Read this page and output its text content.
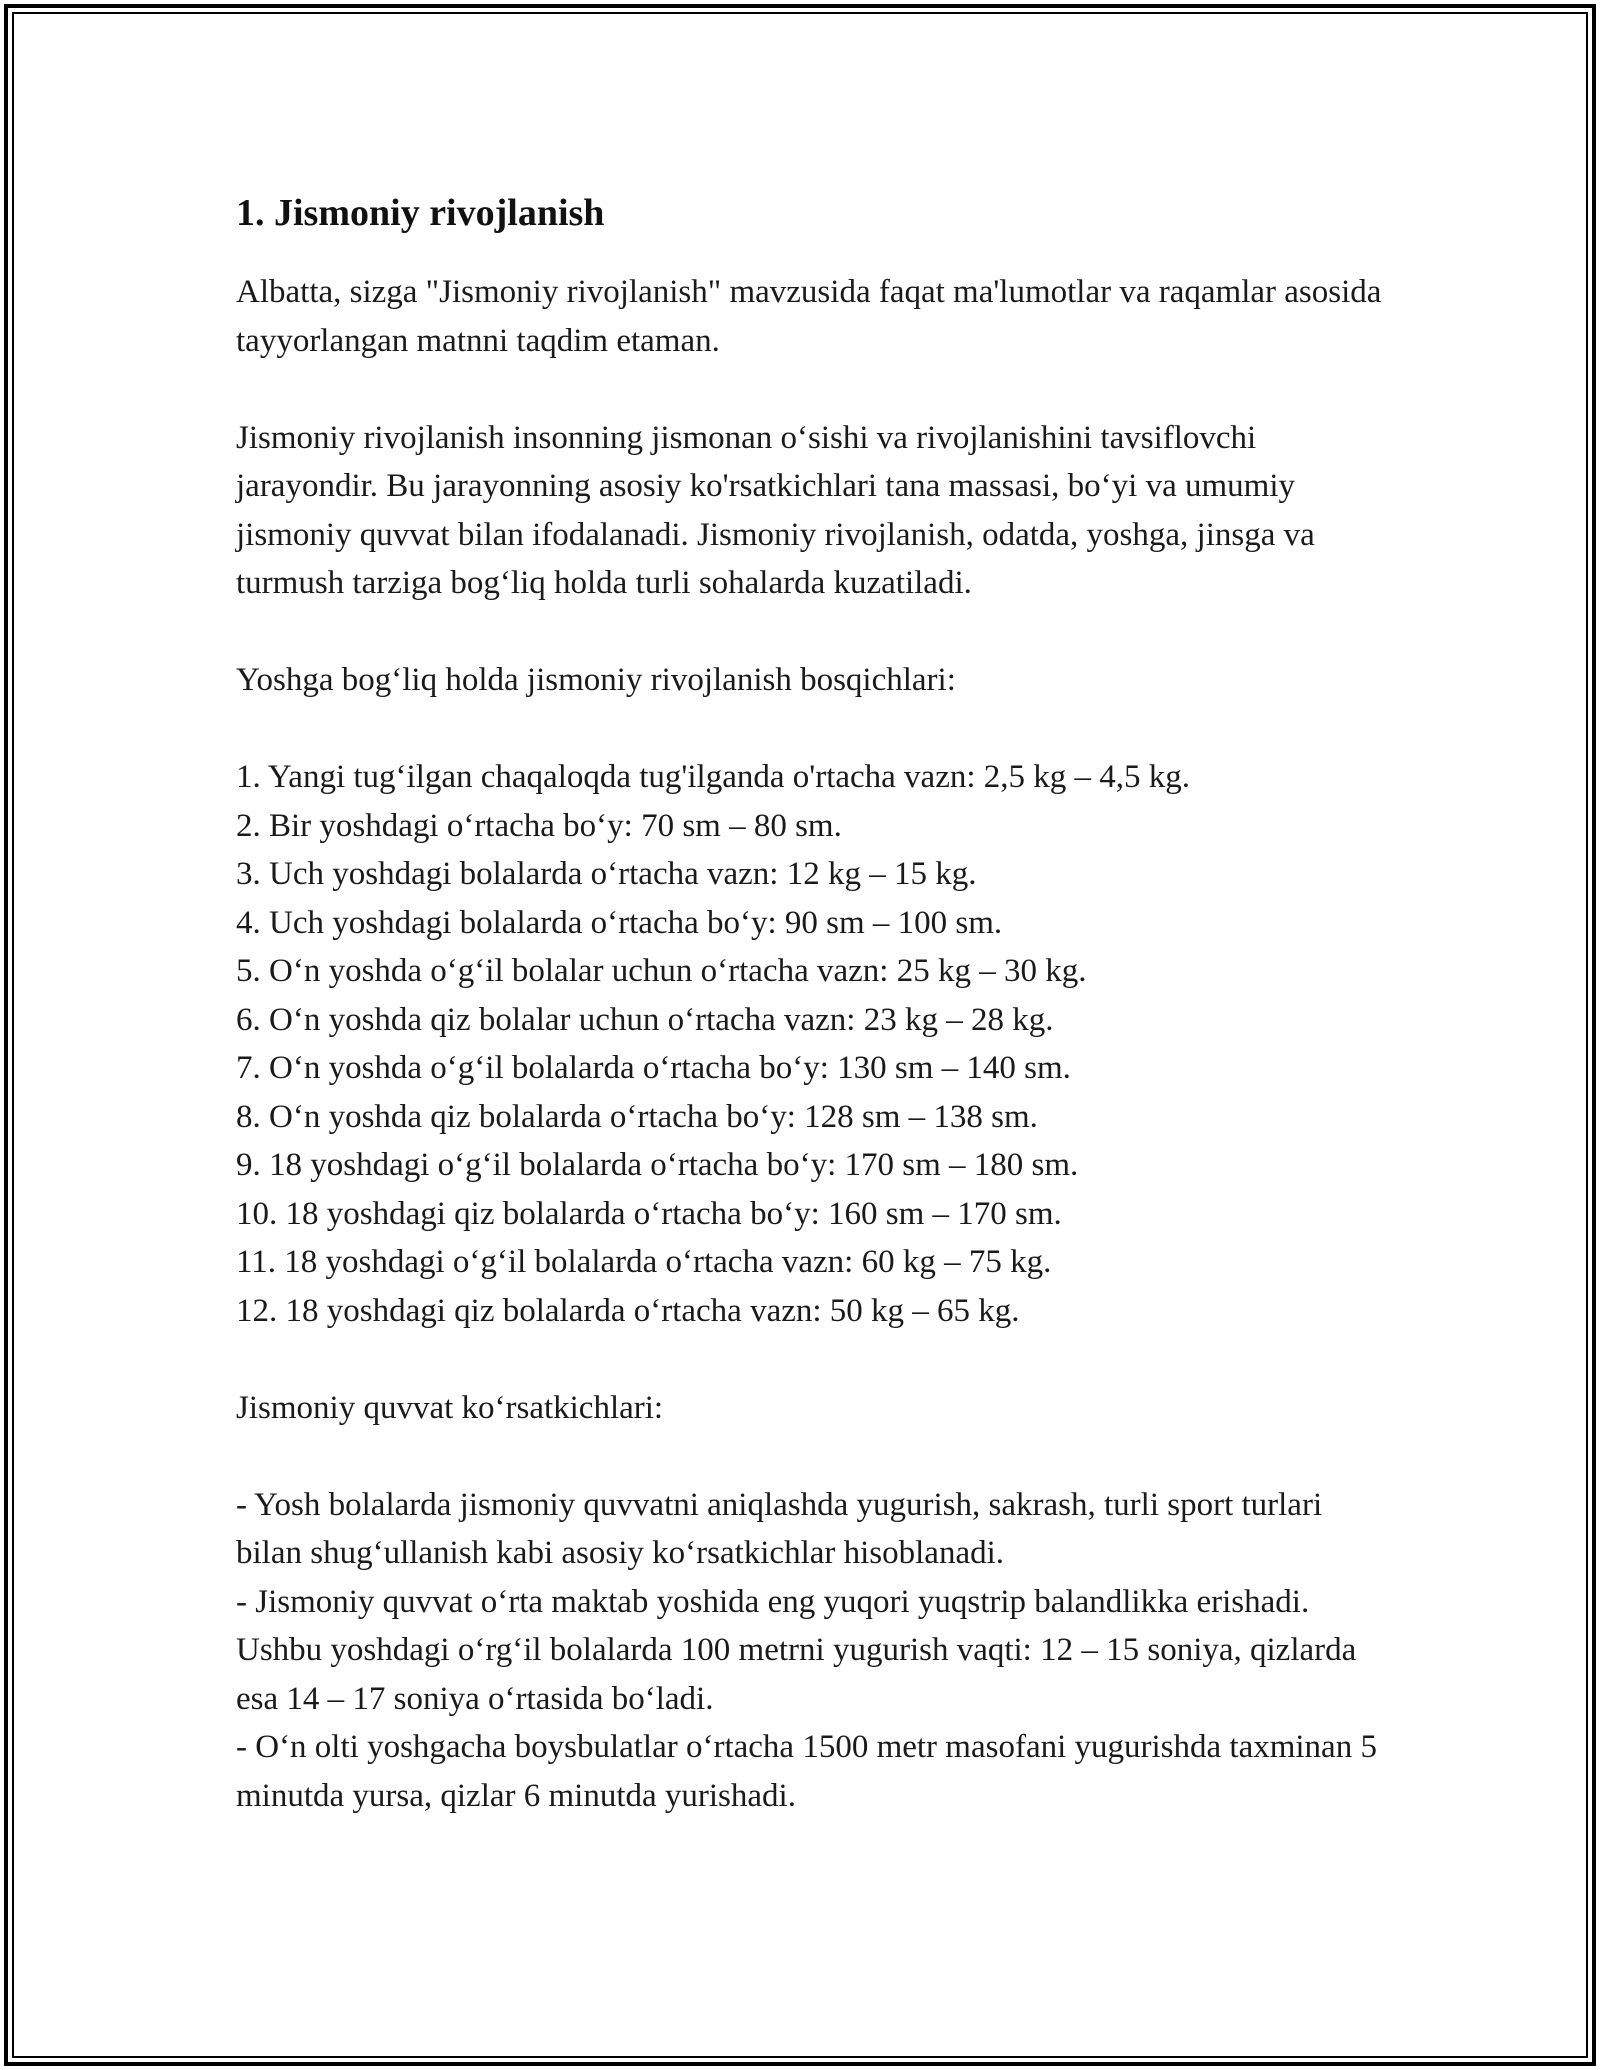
1. Jismoniy rivojlanish

Albatta, sizga "Jismoniy rivojlanish" mavzusida faqat ma'lumotlar va raqamlar asosida tayyorlangan matnni taqdim etaman.

Jismoniy rivojlanish insonning jismonan oʻsishi va rivojlanishini tavsiflovchi jarayondir. Bu jarayonning asosiy ko'rsatkichlari tana massasi, boʻyi va umumiy jismoniy quvvat bilan ifodalanadi. Jismoniy rivojlanish, odatda, yoshga, jinsga va turmush tarziga bogʻliq holda turli sohalarda kuzatiladi.

Yoshga bogʻliq holda jismoniy rivojlanish bosqichlari:

1. Yangi tugʻilgan chaqaloqda tug'ilganda o'rtacha vazn: 2,5 kg – 4,5 kg.
2. Bir yoshdagi oʻrtacha boʻy: 70 sm – 80 sm.
3. Uch yoshdagi bolalarda oʻrtacha vazn: 12 kg – 15 kg.
4. Uch yoshdagi bolalarda oʻrtacha boʻy: 90 sm – 100 sm.
5. Oʻn yoshda oʻgʻil bolalar uchun oʻrtacha vazn: 25 kg – 30 kg.
6. Oʻn yoshda qiz bolalar uchun oʻrtacha vazn: 23 kg – 28 kg.
7. Oʻn yoshda oʻgʻil bolalarda oʻrtacha boʻy: 130 sm – 140 sm.
8. Oʻn yoshda qiz bolalarda oʻrtacha boʻy: 128 sm – 138 sm.
9. 18 yoshdagi oʻgʻil bolalarda oʻrtacha boʻy: 170 sm – 180 sm.
10. 18 yoshdagi qiz bolalarda oʻrtacha boʻy: 160 sm – 170 sm.
11. 18 yoshdagi oʻgʻil bolalarda oʻrtacha vazn: 60 kg – 75 kg.
12. 18 yoshdagi qiz bolalarda oʻrtacha vazn: 50 kg – 65 kg.

Jismoniy quvvat koʻrsatkichlari:

- Yosh bolalarda jismoniy quvvatni aniqlashda yugurish, sakrash, turli sport turlari bilan shugʻullanish kabi asosiy koʻrsatkichlar hisoblanadi.

- Jismoniy quvvat oʻrta maktab yoshida eng yuqori yuqstrip balandlikka erishadi. Ushbu yoshdagi oʻrgʻil bolalarda 100 metrni yugurish vaqti: 12 – 15 soniya, qizlarda esa 14 – 17 soniya oʻrtasida boʻladi.

- Oʻn olti yoshgacha boysbulatlar oʻrtacha 1500 metr masofani yugurishda taxminan 5 minutda yursa, qizlar 6 minutda yurishadi.
